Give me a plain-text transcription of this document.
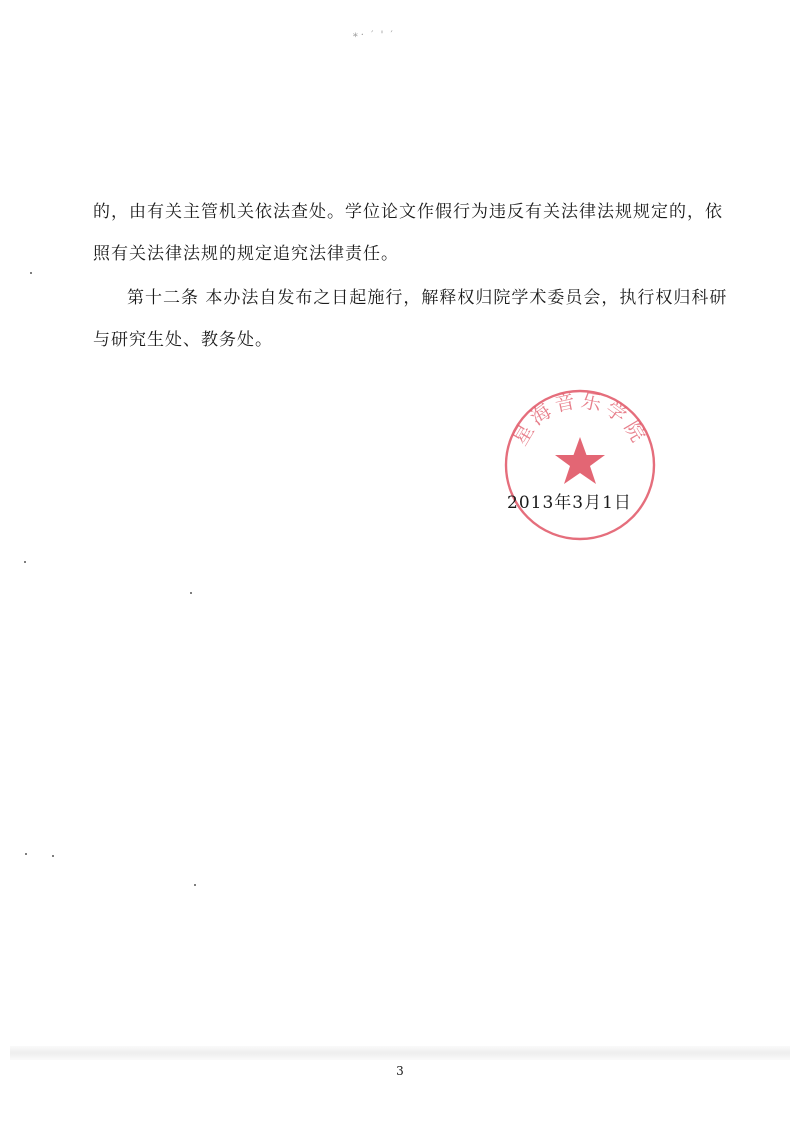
∗· ′ ' ′

的，由有关主管机关依法查处。学位论文作假行为违反有关法律法规规定的，依
照有关法律法规的规定追究法律责任。

第十二条 本办法自发布之日起施行，解释权归院学术委员会，执行权归科研
与研究生处、教务处。

星海音乐学院
2013年3月1日
3
